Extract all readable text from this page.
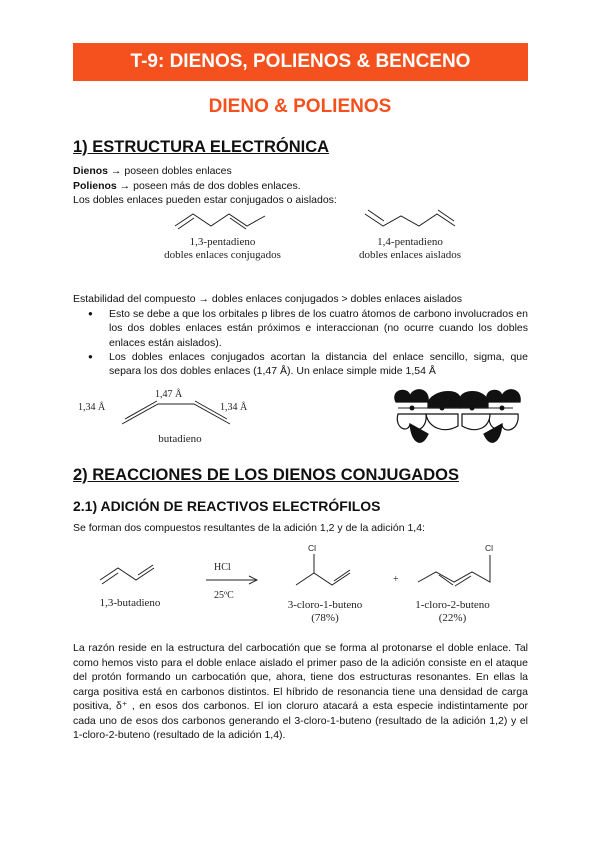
T-9: DIENOS, POLIENOS & BENCENO
DIENO & POLIENOS
1) ESTRUCTURA ELECTRÓNICA
Dienos → poseen dobles enlaces
Polienos → poseen más de dos dobles enlaces.
Los dobles enlaces pueden estar conjugados o aislados:
1,3-pentadieno
dobles enlaces conjugados
1,4-pentadieno
dobles enlaces aislados
Estabilidad del compuesto → dobles enlaces conjugados > dobles enlaces aislados
● Esto se debe a que los orbitales p libres de los cuatro átomos de carbono involucrados en los dos dobles enlaces están próximos e interaccionan (no ocurre cuando los dobles enlaces están aislados).
● Los dobles enlaces conjugados acortan la distancia del enlace sencillo, sigma, que separa los dos dobles enlaces (1,47 Å). Un enlace simple mide 1,54 Å
1,47 Å
1,34 Å	1,34 Å
butadieno
2) REACCIONES DE LOS DIENOS CONJUGADOS
2.1) ADICIÓN DE REACTIVOS ELECTRÓFILOS
Se forman dos compuestos resultantes de la adición 1,2 y de la adición 1,4:
HCl
25ºC
Cl
+
Cl
1,3-butadieno	3-cloro-1-buteno
(78%)
1-cloro-2-buteno
(22%)
La razón reside en la estructura del carbocatión que se forma al protonarse el doble enlace. Tal como hemos visto para el doble enlace aislado el primer paso de la adición consiste en el ataque del protón formando un carbocatión que, ahora, tiene dos estructuras resonantes. En ellas la carga positiva está en carbonos distintos. El híbrido de resonancia tiene una densidad de carga positiva, δ⁺ , en esos dos carbonos. El ion cloruro atacará a esta especie indistintamente por cada uno de esos dos carbonos generando el 3-cloro-1-buteno (resultado de la adición 1,2) y el 1-cloro-2-buteno (resultado de la adición 1,4).
